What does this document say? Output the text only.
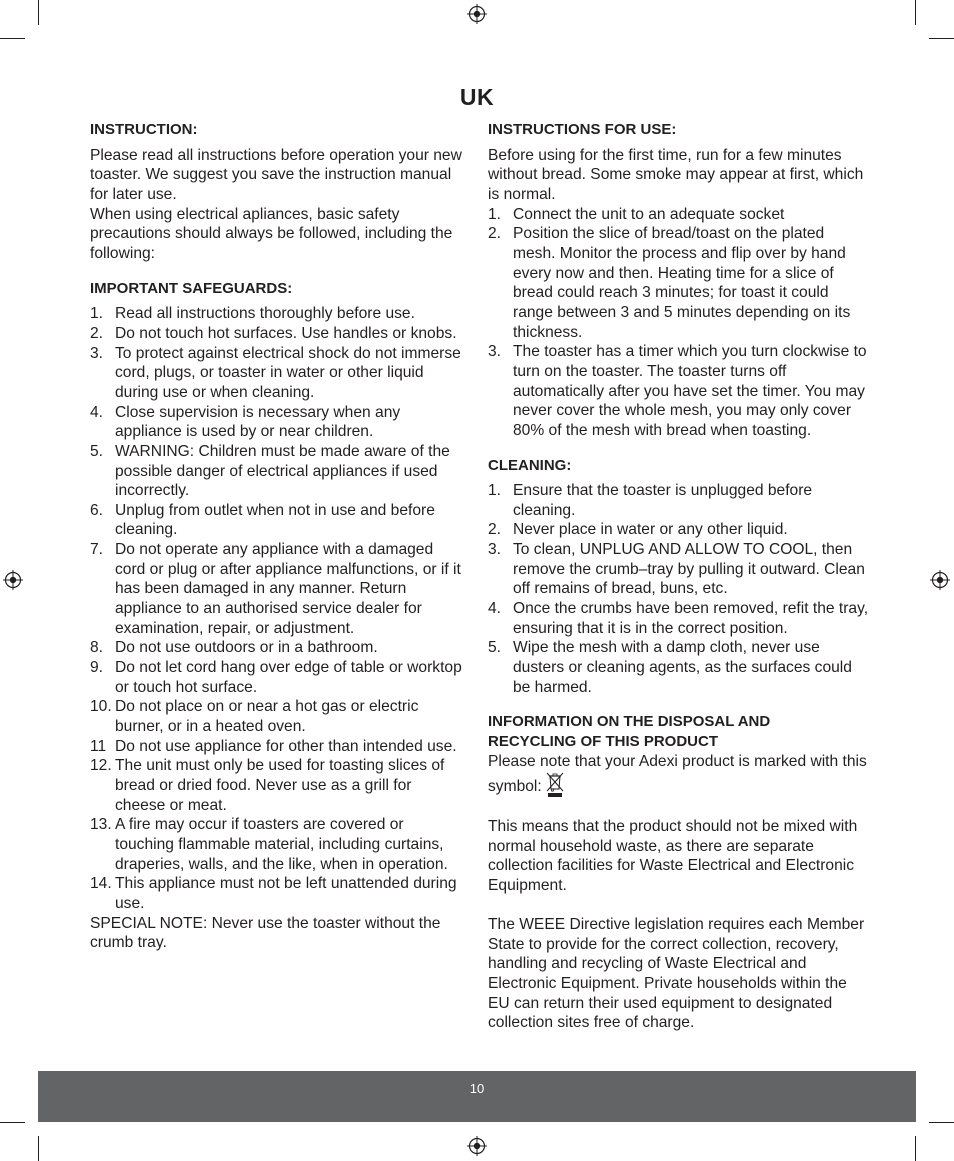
UK

INSTRUCTION:

Please read all instructions before operation your new toaster. We suggest you save the instruction manual for later use.

When using electrical apliances, basic safety precautions should always be followed, including the following:

IMPORTANT SAFEGUARDS:

1. Read all instructions thoroughly before use.
2. Do not touch hot surfaces. Use handles or knobs.
3. To protect against electrical shock do not immerse cord, plugs, or toaster in water or other liquid during use or when cleaning.
4. Close supervision is necessary when any appliance is used by or near children.
5. WARNING: Children must be made aware of the possible danger of electrical appliances if used incorrectly.
6. Unplug from outlet when not in use and before cleaning.
7. Do not operate any appliance with a damaged cord or plug or after appliance malfunctions, or if it has been damaged in any manner. Return appliance to an authorised service dealer for examination, repair, or adjustment.
8. Do not use outdoors or in a bathroom.
9. Do not let cord hang over edge of table or worktop or touch hot surface.
10. Do not place on or near a hot gas or electric burner, or in a heated oven.
11 Do not use appliance for other than intended use.
12. The unit must only be used for toasting slices of bread or dried food. Never use as a grill for cheese or meat.
13. A fire may occur if toasters are covered or touching flammable material, including curtains, draperies, walls, and the like, when in operation.
14. This appliance must not be left unattended during use.

SPECIAL NOTE: Never use the toaster without the crumb tray.

INSTRUCTIONS FOR USE:

Before using for the first time, run for a few minutes without bread. Some smoke may appear at first, which is normal.

1. Connect the unit to an adequate socket
2. Position the slice of bread/toast on the plated mesh. Monitor the process and flip over by hand every now and then. Heating time for a slice of bread could reach 3 minutes; for toast it could range between 3 and 5 minutes depending on its thickness.
3. The toaster has a timer which you turn clockwise to turn on the toaster. The toaster turns off automatically after you have set the timer. You may never cover the whole mesh, you may only cover 80% of the mesh with bread when toasting.

CLEANING:

1. Ensure that the toaster is unplugged before cleaning.
2. Never place in water or any other liquid.
3. To clean, UNPLUG AND ALLOW TO COOL, then remove the crumb–tray by pulling it outward. Clean off remains of bread, buns, etc.
4. Once the crumbs have been removed, refit the tray, ensuring that it is in the correct position.
5. Wipe the mesh with a damp cloth, never use dusters or cleaning agents, as the surfaces could be harmed.

INFORMATION ON THE DISPOSAL AND
RECYCLING OF THIS PRODUCT

Please note that your Adexi product is marked with this symbol:

This means that the product should not be mixed with normal household waste, as there are separate collection facilities for Waste Electrical and Electronic Equipment.

The WEEE Directive legislation requires each Member State to provide for the correct collection, recovery, handling and recycling of Waste Electrical and Electronic Equipment. Private households within the EU can return their used equipment to designated collection sites free of charge.

10
